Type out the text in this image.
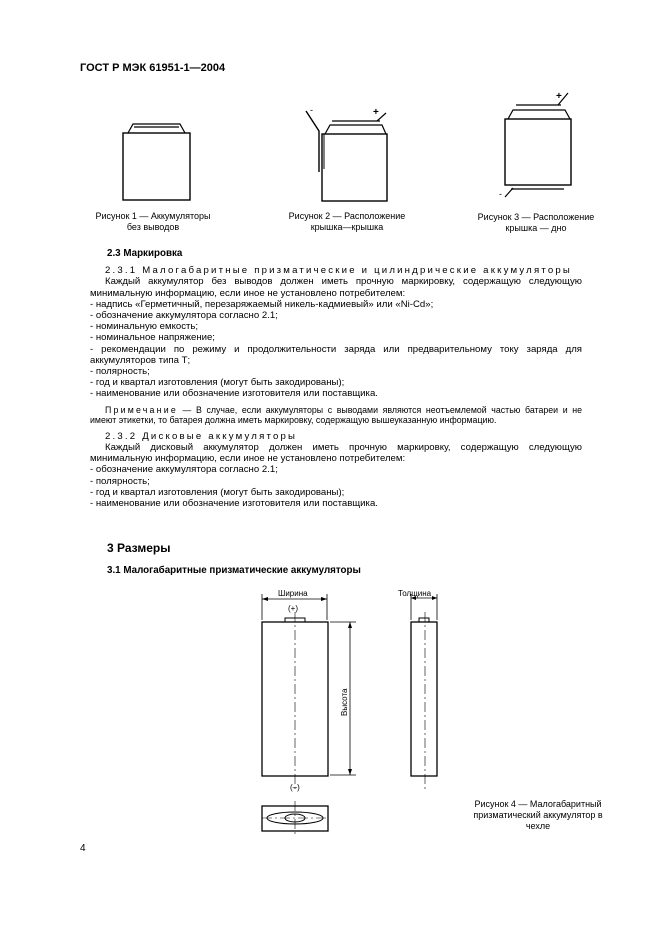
ГОСТ Р МЭК 61951-1—2004
Рисунок 1 — Аккумуляторы
без выводов
-	+
Рисунок 2 — Расположение
крышка—крышка
+
-
Рисунок 3 — Расположение
крышка — дно
2.3 Маркировка
2.3.1 Малогабаритные призматические и цилиндрические аккумуляторы
Каждый аккумулятор без выводов должен иметь прочную маркировку, содержащую следующую минимальную информацию, если иное не установлено потребителем:
- надпись «Герметичный, перезаряжаемый никель-кадмиевый» или «Ni-Cd»;
- обозначение аккумулятора согласно 2.1;
- номинальную емкость;
- номинальное напряжение;
- рекомендации по режиму и продолжительности заряда или предварительному току заряда для аккумуляторов типа Т;
- полярность;
- год и квартал изготовления (могут быть закодированы);
- наименование или обозначение изготовителя или поставщика.
Примечание — В случае, если аккумуляторы с выводами являются неотъемлемой частью батареи и не имеют этикетки, то батарея должна иметь маркировку, содержащую вышеуказанную информацию.
2.3.2 Дисковые аккумуляторы
Каждый дисковый аккумулятор должен иметь прочную маркировку, содержащую следующую минимальную информацию, если иное не установлено потребителем:
- обозначение аккумулятора согласно 2.1;
- полярность;
- год и квартал изготовления (могут быть закодированы);
- наименование или обозначение изготовителя или поставщика.
3 Размеры
3.1 Малогабаритные призматические аккумуляторы
Ширина
(+)
Высота
(–)
Толщина
Рисунок 4 — Малогабаритный
призматический аккумулятор в
чехле
4
